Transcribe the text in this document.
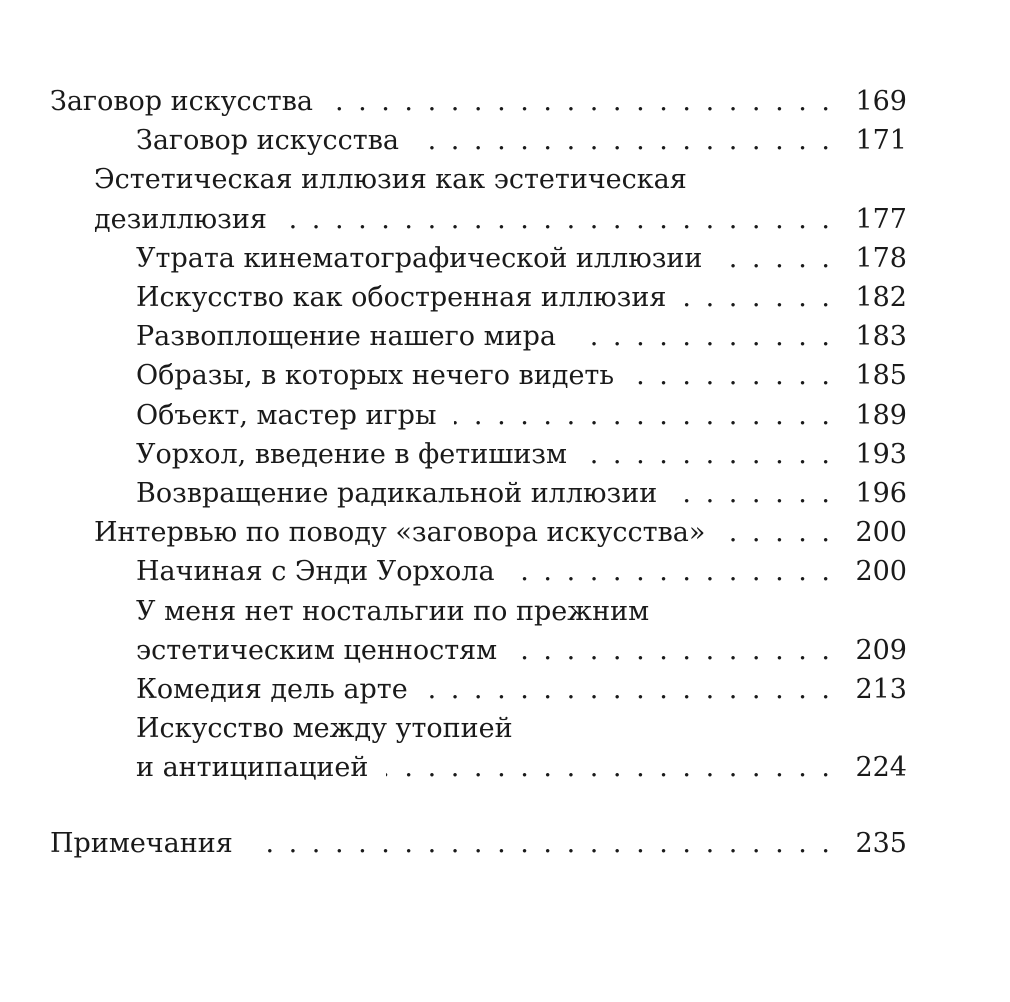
Заговор искусства . . .	169
Заговор искусства . . .	171
Эстетическая иллюзия как эстетическая
дезиллюзия . . .	177
Утрата кинематографической иллюзии . . .	178
Искусство как обостренная иллюзия . . .	182
Развоплощение нашего мира . . .	183
Образы, в которых нечего видеть . . .	185
Объект, мастер игры . . .	189
Уорхол, введение в фетишизм . . .	193
Возвращение радикальной иллюзии . . .	196
Интервью по поводу «заговора искусства» . . .	200
Начиная с Энди Уорхола . . .	200
У меня нет ностальгии по прежним
эстетическим ценностям . . .	209
Комедия дель арте . . .	213
Искусство между утопией
и антиципацией . . .	224
Примечания . . .	235
